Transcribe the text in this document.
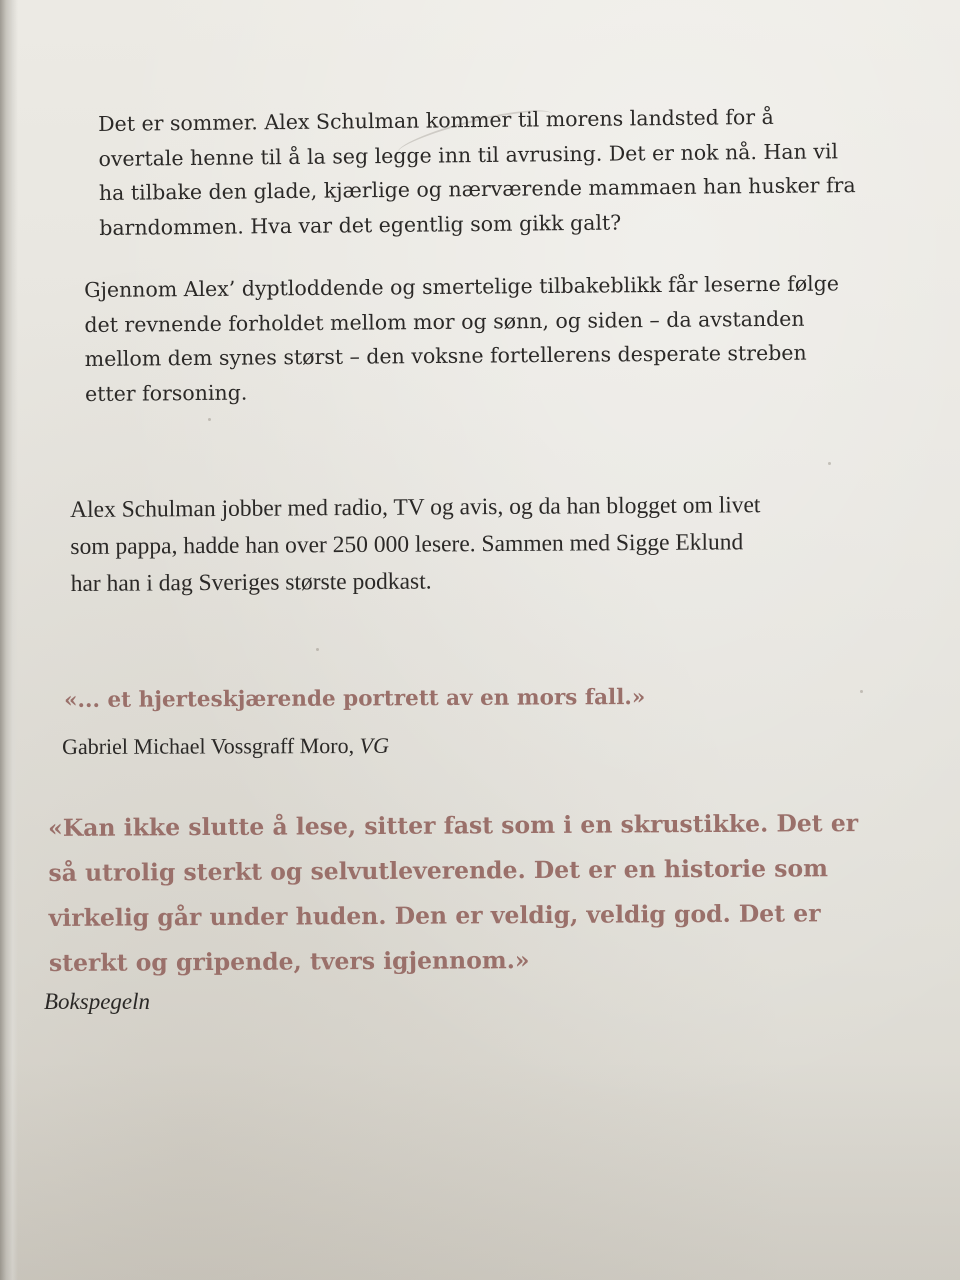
Det er sommer. Alex Schulman kommer til morens landsted for å
overtale henne til å la seg legge inn til avrusing. Det er nok nå. Han vil
ha tilbake den glade, kjærlige og nærværende mammaen han husker fra
barndommen. Hva var det egentlig som gikk galt?

Gjennom Alex’ dyptloddende og smertelige tilbakeblikk får leserne følge
det revnende forholdet mellom mor og sønn, og siden – da avstanden
mellom dem synes størst – den voksne fortellerens desperate streben
etter forsoning.

Alex Schulman jobber med radio, TV og avis, og da han blogget om livet
som pappa, hadde han over 250 000 lesere. Sammen med Sigge Eklund
har han i dag Sveriges største podkast.

«... et hjerteskjærende portrett av en mors fall.»

Gabriel Michael Vossgraff Moro, VG

«Kan ikke slutte å lese, sitter fast som i en skrustikke. Det er
så utrolig sterkt og selvutleverende. Det er en historie som
virkelig går under huden. Den er veldig, veldig god. Det er
sterkt og gripende, tvers igjennom.»

Bokspegeln
